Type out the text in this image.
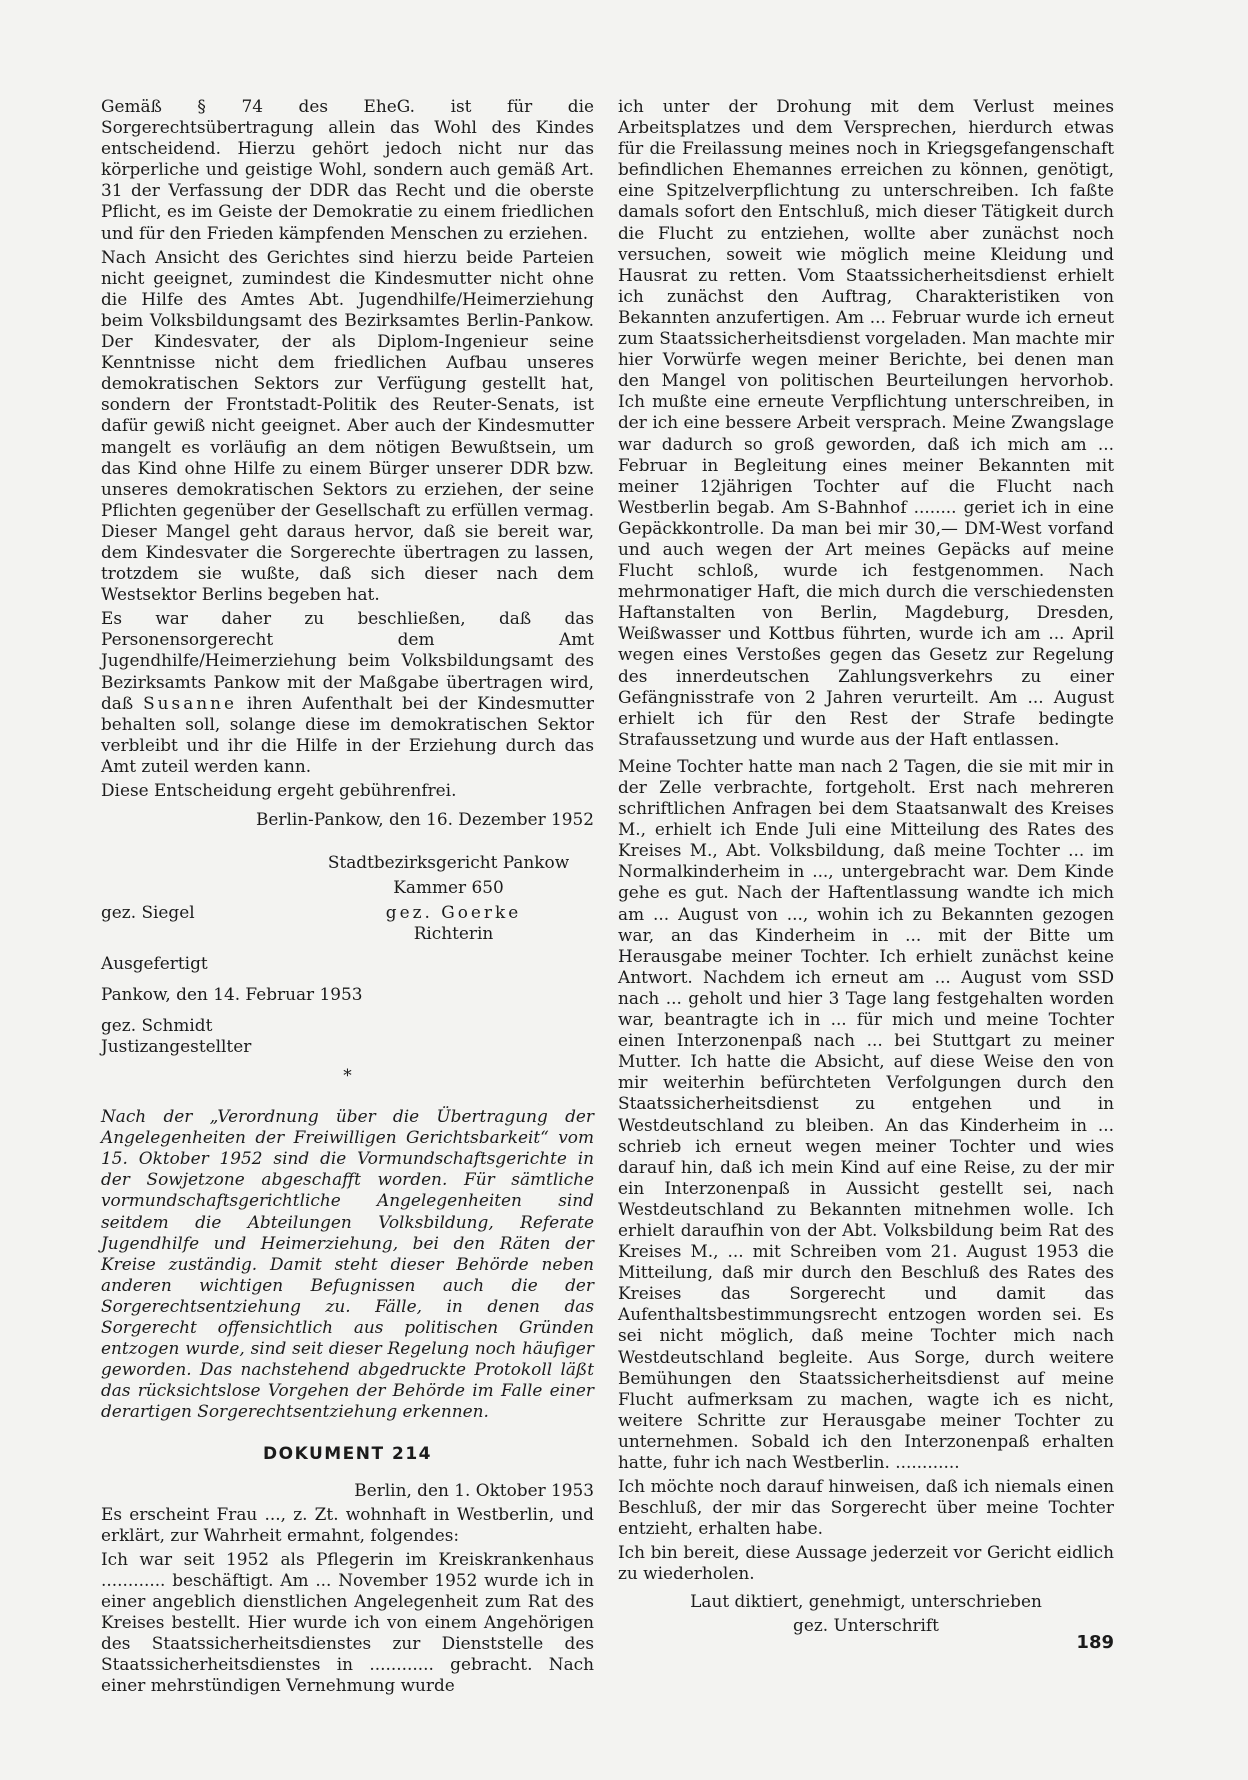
Gemäß § 74 des EheG. ist für die Sorgerechtsübertragung allein das Wohl des Kindes entscheidend. Hierzu gehört jedoch nicht nur das körperliche und geistige Wohl, sondern auch gemäß Art. 31 der Verfassung der DDR das Recht und die oberste Pflicht, es im Geiste der Demokratie zu einem friedlichen und für den Frieden kämpfenden Menschen zu erziehen.

Nach Ansicht des Gerichtes sind hierzu beide Parteien nicht geeignet, zumindest die Kindesmutter nicht ohne die Hilfe des Amtes Abt. Jugendhilfe/Heimerziehung beim Volksbildungsamt des Bezirksamtes Berlin-Pankow. Der Kindesvater, der als Diplom-Ingenieur seine Kenntnisse nicht dem friedlichen Aufbau unseres demokratischen Sektors zur Verfügung gestellt hat, sondern der Frontstadt-Politik des Reuter-Senats, ist dafür gewiß nicht geeignet. Aber auch der Kindesmutter mangelt es vorläufig an dem nötigen Bewußtsein, um das Kind ohne Hilfe zu einem Bürger unserer DDR bzw. unseres demokratischen Sektors zu erziehen, der seine Pflichten gegenüber der Gesellschaft zu erfüllen vermag. Dieser Mangel geht daraus hervor, daß sie bereit war, dem Kindesvater die Sorgerechte übertragen zu lassen, trotzdem sie wußte, daß sich dieser nach dem Westsektor Berlins begeben hat.

Es war daher zu beschließen, daß das Personensorgerecht dem Amt Jugendhilfe/Heimerziehung beim Volksbildungsamt des Bezirksamts Pankow mit der Maßgabe übertragen wird, daß Susanne ihren Aufenthalt bei der Kindesmutter behalten soll, solange diese im demokratischen Sektor verbleibt und ihr die Hilfe in der Erziehung durch das Amt zuteil werden kann.

Diese Entscheidung ergeht gebührenfrei.

Berlin-Pankow, den 16. Dezember 1952

Stadtbezirksgericht Pankow

Kammer 650

gez. Siegel	gez. Goerke
Richterin

Ausgefertigt

Pankow, den 14. Februar 1953

gez. Schmidt

Justizangestellter

*

Nach der „Verordnung über die Übertragung der Angelegenheiten der Freiwilligen Gerichtsbarkeit“ vom 15. Oktober 1952 sind die Vormundschaftsgerichte in der Sowjetzone abgeschafft worden. Für sämtliche vormundschaftsgerichtliche Angelegenheiten sind seitdem die Abteilungen Volksbildung, Referate Jugendhilfe und Heimerziehung, bei den Räten der Kreise zuständig. Damit steht dieser Behörde neben anderen wichtigen Befugnissen auch die der Sorgerechtsentziehung zu. Fälle, in denen das Sorgerecht offensichtlich aus politischen Gründen entzogen wurde, sind seit dieser Regelung noch häufiger geworden. Das nachstehend abgedruckte Protokoll läßt das rücksichtslose Vorgehen der Behörde im Falle einer derartigen Sorgerechtsentziehung erkennen.

DOKUMENT 214

Berlin, den 1. Oktober 1953

Es erscheint Frau ..., z. Zt. wohnhaft in Westberlin, und erklärt, zur Wahrheit ermahnt, folgendes:

Ich war seit 1952 als Pflegerin im Kreiskrankenhaus ............ beschäftigt. Am ... November 1952 wurde ich in einer angeblich dienstlichen Angelegenheit zum Rat des Kreises bestellt. Hier wurde ich von einem Angehörigen des Staatssicherheitsdienstes zur Dienststelle des Staatssicherheitsdienstes in ............ gebracht. Nach einer mehrstündigen Vernehmung wurde

ich unter der Drohung mit dem Verlust meines Arbeitsplatzes und dem Versprechen, hierdurch etwas für die Freilassung meines noch in Kriegsgefangenschaft befindlichen Ehemannes erreichen zu können, genötigt, eine Spitzelverpflichtung zu unterschreiben. Ich faßte damals sofort den Entschluß, mich dieser Tätigkeit durch die Flucht zu entziehen, wollte aber zunächst noch versuchen, soweit wie möglich meine Kleidung und Hausrat zu retten. Vom Staatssicherheitsdienst erhielt ich zunächst den Auftrag, Charakteristiken von Bekannten anzufertigen. Am ... Februar wurde ich erneut zum Staatssicherheitsdienst vorgeladen. Man machte mir hier Vorwürfe wegen meiner Berichte, bei denen man den Mangel von politischen Beurteilungen hervorhob. Ich mußte eine erneute Verpflichtung unterschreiben, in der ich eine bessere Arbeit versprach. Meine Zwangslage war dadurch so groß geworden, daß ich mich am ... Februar in Begleitung eines meiner Bekannten mit meiner 12jährigen Tochter auf die Flucht nach Westberlin begab. Am S-Bahnhof ........ geriet ich in eine Gepäckkontrolle. Da man bei mir 30,— DM-West vorfand und auch wegen der Art meines Gepäcks auf meine Flucht schloß, wurde ich festgenommen. Nach mehrmonatiger Haft, die mich durch die verschiedensten Haftanstalten von Berlin, Magdeburg, Dresden, Weißwasser und Kottbus führten, wurde ich am ... April wegen eines Verstoßes gegen das Gesetz zur Regelung des innerdeutschen Zahlungsverkehrs zu einer Gefängnisstrafe von 2 Jahren verurteilt. Am ... August erhielt ich für den Rest der Strafe bedingte Strafaussetzung und wurde aus der Haft entlassen.

Meine Tochter hatte man nach 2 Tagen, die sie mit mir in der Zelle verbrachte, fortgeholt. Erst nach mehreren schriftlichen Anfragen bei dem Staatsanwalt des Kreises M., erhielt ich Ende Juli eine Mitteilung des Rates des Kreises M., Abt. Volksbildung, daß meine Tochter ... im Normalkinderheim in ..., untergebracht war. Dem Kinde gehe es gut. Nach der Haftentlassung wandte ich mich am ... August von ..., wohin ich zu Bekannten gezogen war, an das Kinderheim in ... mit der Bitte um Herausgabe meiner Tochter. Ich erhielt zunächst keine Antwort. Nachdem ich erneut am ... August vom SSD nach ... geholt und hier 3 Tage lang festgehalten worden war, beantragte ich in ... für mich und meine Tochter einen Interzonenpaß nach ... bei Stuttgart zu meiner Mutter. Ich hatte die Absicht, auf diese Weise den von mir weiterhin befürchteten Verfolgungen durch den Staatssicherheitsdienst zu entgehen und in Westdeutschland zu bleiben. An das Kinderheim in ... schrieb ich erneut wegen meiner Tochter und wies darauf hin, daß ich mein Kind auf eine Reise, zu der mir ein Interzonenpaß in Aussicht gestellt sei, nach Westdeutschland zu Bekannten mitnehmen wolle. Ich erhielt daraufhin von der Abt. Volksbildung beim Rat des Kreises M., ... mit Schreiben vom 21. August 1953 die Mitteilung, daß mir durch den Beschluß des Rates des Kreises das Sorgerecht und damit das Aufenthaltsbestimmungsrecht entzogen worden sei. Es sei nicht möglich, daß meine Tochter mich nach Westdeutschland begleite. Aus Sorge, durch weitere Bemühungen den Staatssicherheitsdienst auf meine Flucht aufmerksam zu machen, wagte ich es nicht, weitere Schritte zur Herausgabe meiner Tochter zu unternehmen. Sobald ich den Interzonenpaß erhalten hatte, fuhr ich nach Westberlin. ............

Ich möchte noch darauf hinweisen, daß ich niemals einen Beschluß, der mir das Sorgerecht über meine Tochter entzieht, erhalten habe.

Ich bin bereit, diese Aussage jederzeit vor Gericht eidlich zu wiederholen.

Laut diktiert, genehmigt, unterschrieben

gez. Unterschrift

189
